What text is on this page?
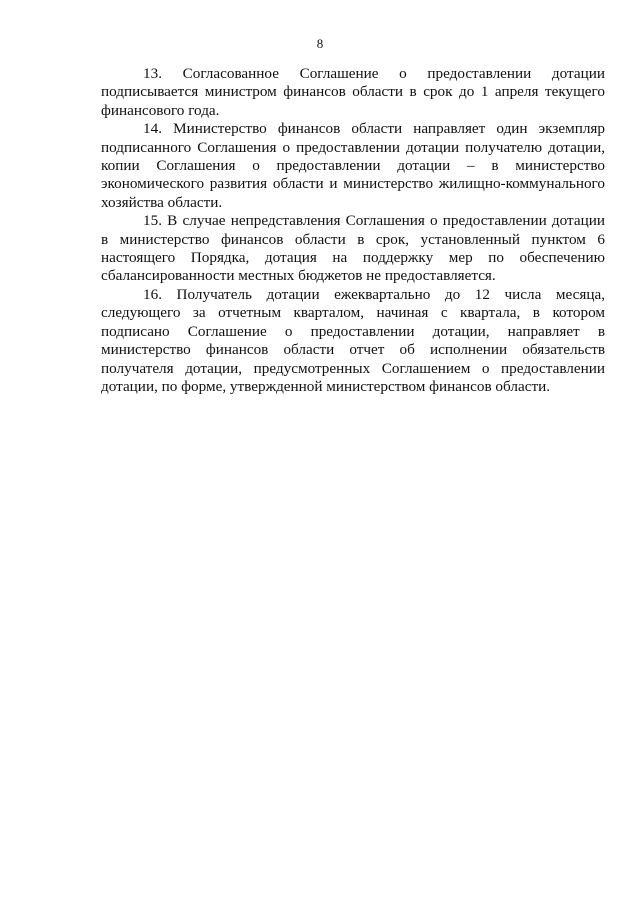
8

13. Согласованное Соглашение о предоставлении дотации подписывается министром финансов области в срок до 1 апреля текущего финансового года.

14. Министерство финансов области направляет один экземпляр подписанного Соглашения о предоставлении дотации получателю дотации, копии Соглашения о предоставлении дотации – в министерство экономического развития области и министерство жилищно-коммунального хозяйства области.

15. В случае непредставления Соглашения о предоставлении дотации в министерство финансов области в срок, установленный пунктом 6 настоящего Порядка, дотация на поддержку мер по обеспечению сбалансированности местных бюджетов не предоставляется.

16. Получатель дотации ежеквартально до 12 числа месяца, следующего за отчетным кварталом, начиная с квартала, в котором подписано Соглашение о предоставлении дотации, направляет в министерство финансов области отчет об исполнении обязательств получателя дотации, предусмотренных Соглашением о предоставлении дотации, по форме, утвержденной министерством финансов области.
